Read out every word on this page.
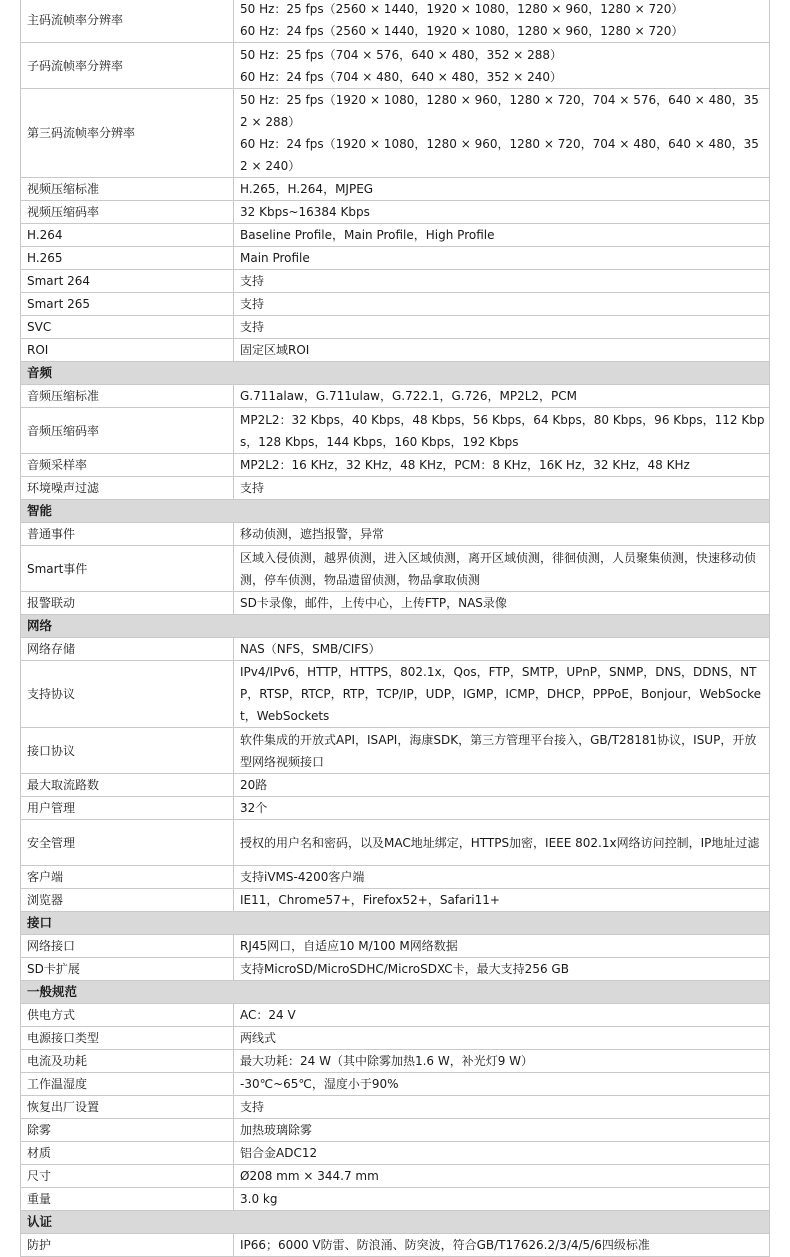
主码流帧率分辨率	50 Hz：25 fps（2560 × 1440，1920 × 1080，1280 × 960，1280 × 720）
60 Hz：24 fps（2560 × 1440，1920 × 1080，1280 × 960，1280 × 720）

子码流帧率分辨率	50 Hz：25 fps（704 × 576，640 × 480，352 × 288）
60 Hz：24 fps（704 × 480，640 × 480，352 × 240）

第三码流帧率分辨率	50 Hz：25 fps（1920 × 1080，1280 × 960，1280 × 720，704 × 576，640 × 480，352 × 288）
60 Hz：24 fps（1920 × 1080，1280 × 960，1280 × 720，704 × 480，640 × 480，352 × 240）

视频压缩标准	H.265，H.264，MJPEG
视频压缩码率	32 Kbps~16384 Kbps
H.264	Baseline Profile，Main Profile，High Profile
H.265	Main Profile
Smart 264	支持
Smart 265	支持
SVC	支持
ROI	固定区域ROI
音频	
音频压缩标准	G.711alaw，G.711ulaw，G.722.1，G.726，MP2L2，PCM
音频压缩码率	MP2L2：32 Kbps，40 Kbps，48 Kbps，56 Kbps，64 Kbps，80 Kbps，96 Kbps，112 Kbps，128 Kbps，144 Kbps，160 Kbps，192 Kbps
音频采样率	MP2L2：16 KHz，32 KHz，48 KHz，PCM：8 KHz，16K Hz，32 KHz，48 KHz
环境噪声过滤	支持
智能	
普通事件	移动侦测，遮挡报警，异常
Smart事件	区域入侵侦测，越界侦测，进入区域侦测，离开区域侦测，徘徊侦测，人员聚集侦测，快速移动侦测，停车侦测，物品遗留侦测，物品拿取侦测
报警联动	SD卡录像，邮件，上传中心，上传FTP，NAS录像
网络	
网络存储	NAS（NFS，SMB/CIFS）
支持协议	IPv4/IPv6，HTTP，HTTPS，802.1x，Qos，FTP，SMTP，UPnP，SNMP，DNS，DDNS，NTP，RTSP，RTCP，RTP，TCP/IP，UDP，IGMP，ICMP，DHCP，PPPoE，Bonjour，WebSocket，WebSockets
接口协议	软件集成的开放式API，ISAPI，海康SDK，第三方管理平台接入，GB/T28181协议，ISUP，开放型网络视频接口
最大取流路数	20路
用户管理	32个
安全管理	授权的用户名和密码，以及MAC地址绑定，HTTPS加密，IEEE 802.1x网络访问控制，IP地址过滤
客户端	支持iVMS-4200客户端
浏览器	IE11，Chrome57+，Firefox52+，Safari11+
接口	
网络接口	RJ45网口，自适应10 M/100 M网络数据
SD卡扩展	支持MicroSD/MicroSDHC/MicroSDXC卡，最大支持256 GB
一般规范	
供电方式	AC：24 V
电源接口类型	两线式
电流及功耗	最大功耗：24 W（其中除雾加热1.6 W，补光灯9 W）
工作温湿度	-30℃~65℃，湿度小于90%
恢复出厂设置	支持
除雾	加热玻璃除雾
材质	铝合金ADC12
尺寸	Ø208 mm × 344.7 mm
重量	3.0 kg
认证	
防护	IP66；6000 V防雷、防浪涌、防突波，符合GB/T17626.2/3/4/5/6四级标准
